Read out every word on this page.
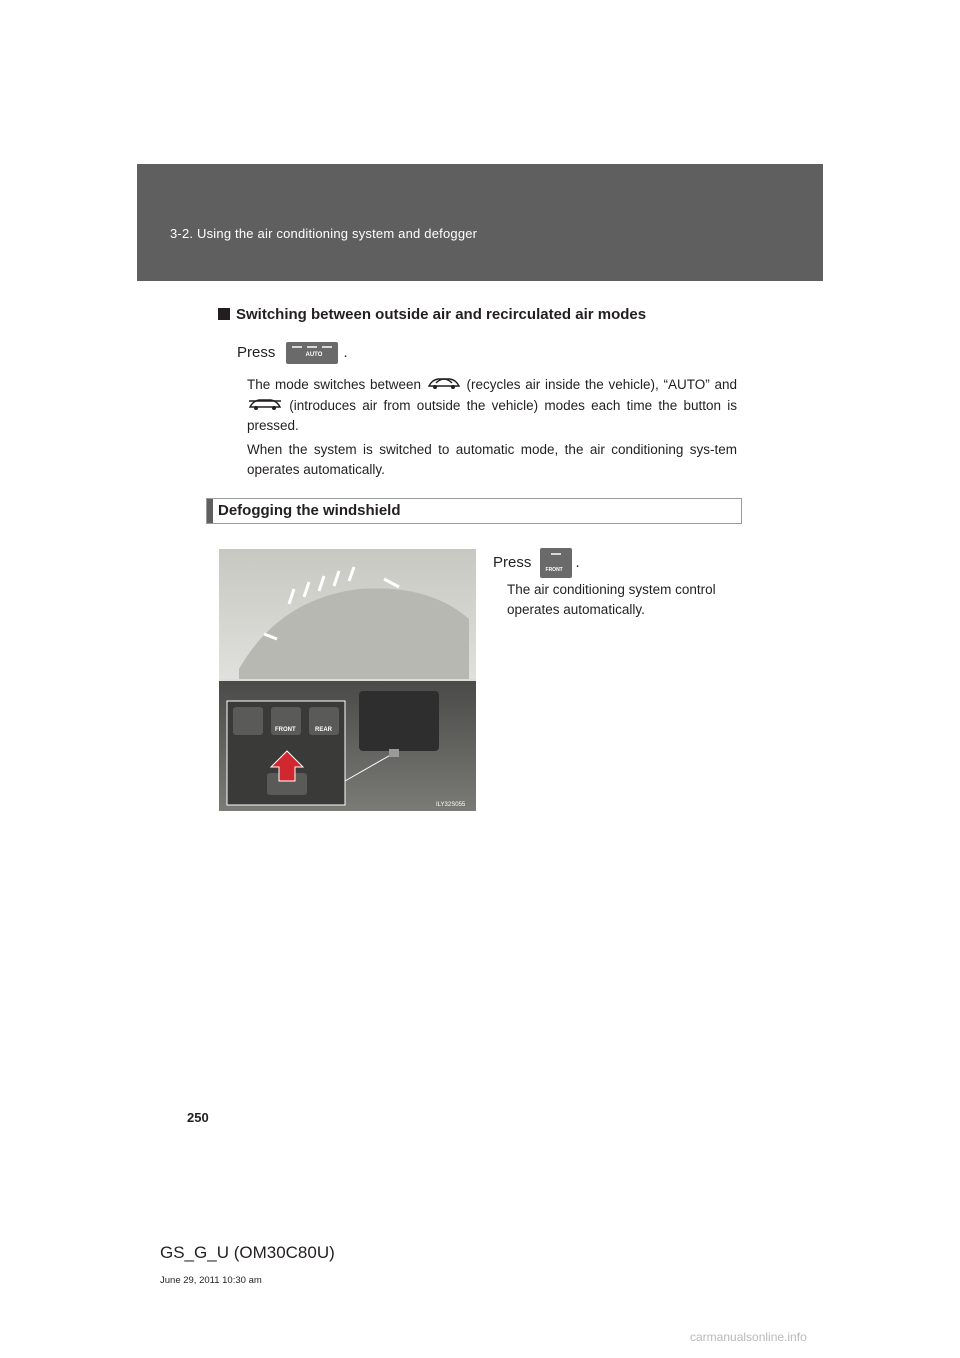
3-2. Using the air conditioning system and defogger
Switching between outside air and recirculated air modes
Press	AUTO .
The mode switches between	(recycles air inside the vehicle), “AUTO” and  (introduces air from outside the vehicle) modes each time the button is pressed.
When the system is switched to automatic mode, the air conditioning sys-tem operates automatically.
Defogging the windshield
FRONT	REAR
ILY32S055
Press	FRONT .
The air conditioning system control operates automatically.
250
GS_G_U (OM30C80U)
June 29, 2011 10:30 am
carmanualsonline.info
